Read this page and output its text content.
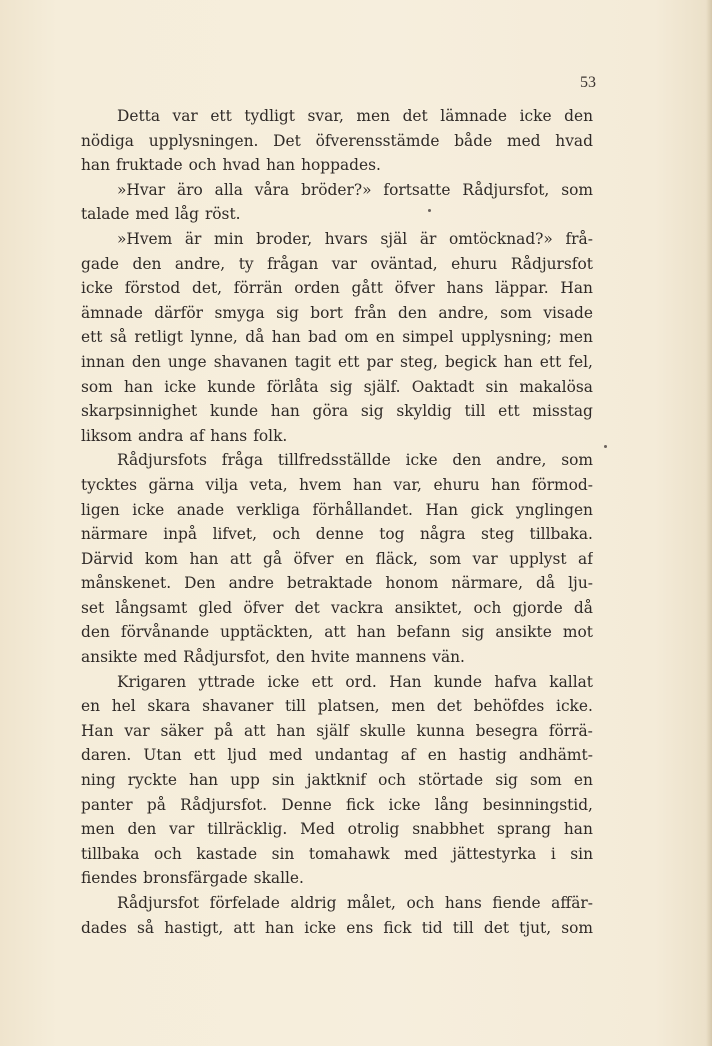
53
Detta var ett tydligt svar, men det lämnade icke den
nödiga upplysningen. Det öfverensstämde både med hvad
han fruktade och hvad han hoppades.
»Hvar äro alla våra bröder?» fortsatte Rådjursfot, som
talade med låg röst.
»Hvem är min broder, hvars själ är omtöcknad?» frå-
gade den andre, ty frågan var oväntad, ehuru Rådjursfot
icke förstod det, förrän orden gått öfver hans läppar. Han
ämnade därför smyga sig bort från den andre, som visade
ett så retligt lynne, då han bad om en simpel upplysning; men
innan den unge shavanen tagit ett par steg, begick han ett fel,
som han icke kunde förlåta sig själf. Oaktadt sin makalösa
skarpsinnighet kunde han göra sig skyldig till ett misstag
liksom andra af hans folk.
Rådjursfots fråga tillfredsställde icke den andre, som
tycktes gärna vilja veta, hvem han var, ehuru han förmod-
ligen icke anade verkliga förhållandet. Han gick ynglingen
närmare inpå lifvet, och denne tog några steg tillbaka.
Därvid kom han att gå öfver en fläck, som var upplyst af
månskenet. Den andre betraktade honom närmare, då lju-
set långsamt gled öfver det vackra ansiktet, och gjorde då
den förvånande upptäckten, att han befann sig ansikte mot
ansikte med Rådjursfot, den hvite mannens vän.
Krigaren yttrade icke ett ord. Han kunde hafva kallat
en hel skara shavaner till platsen, men det behöfdes icke.
Han var säker på att han själf skulle kunna besegra förrä-
daren. Utan ett ljud med undantag af en hastig andhämt-
ning ryckte han upp sin jaktknif och störtade sig som en
panter på Rådjursfot. Denne fick icke lång besinningstid,
men den var tillräcklig. Med otrolig snabbhet sprang han
tillbaka och kastade sin tomahawk med jättestyrka i sin
fiendes bronsfärgade skalle.
Rådjursfot förfelade aldrig målet, och hans fiende affär-
dades så hastigt, att han icke ens fick tid till det tjut, som
